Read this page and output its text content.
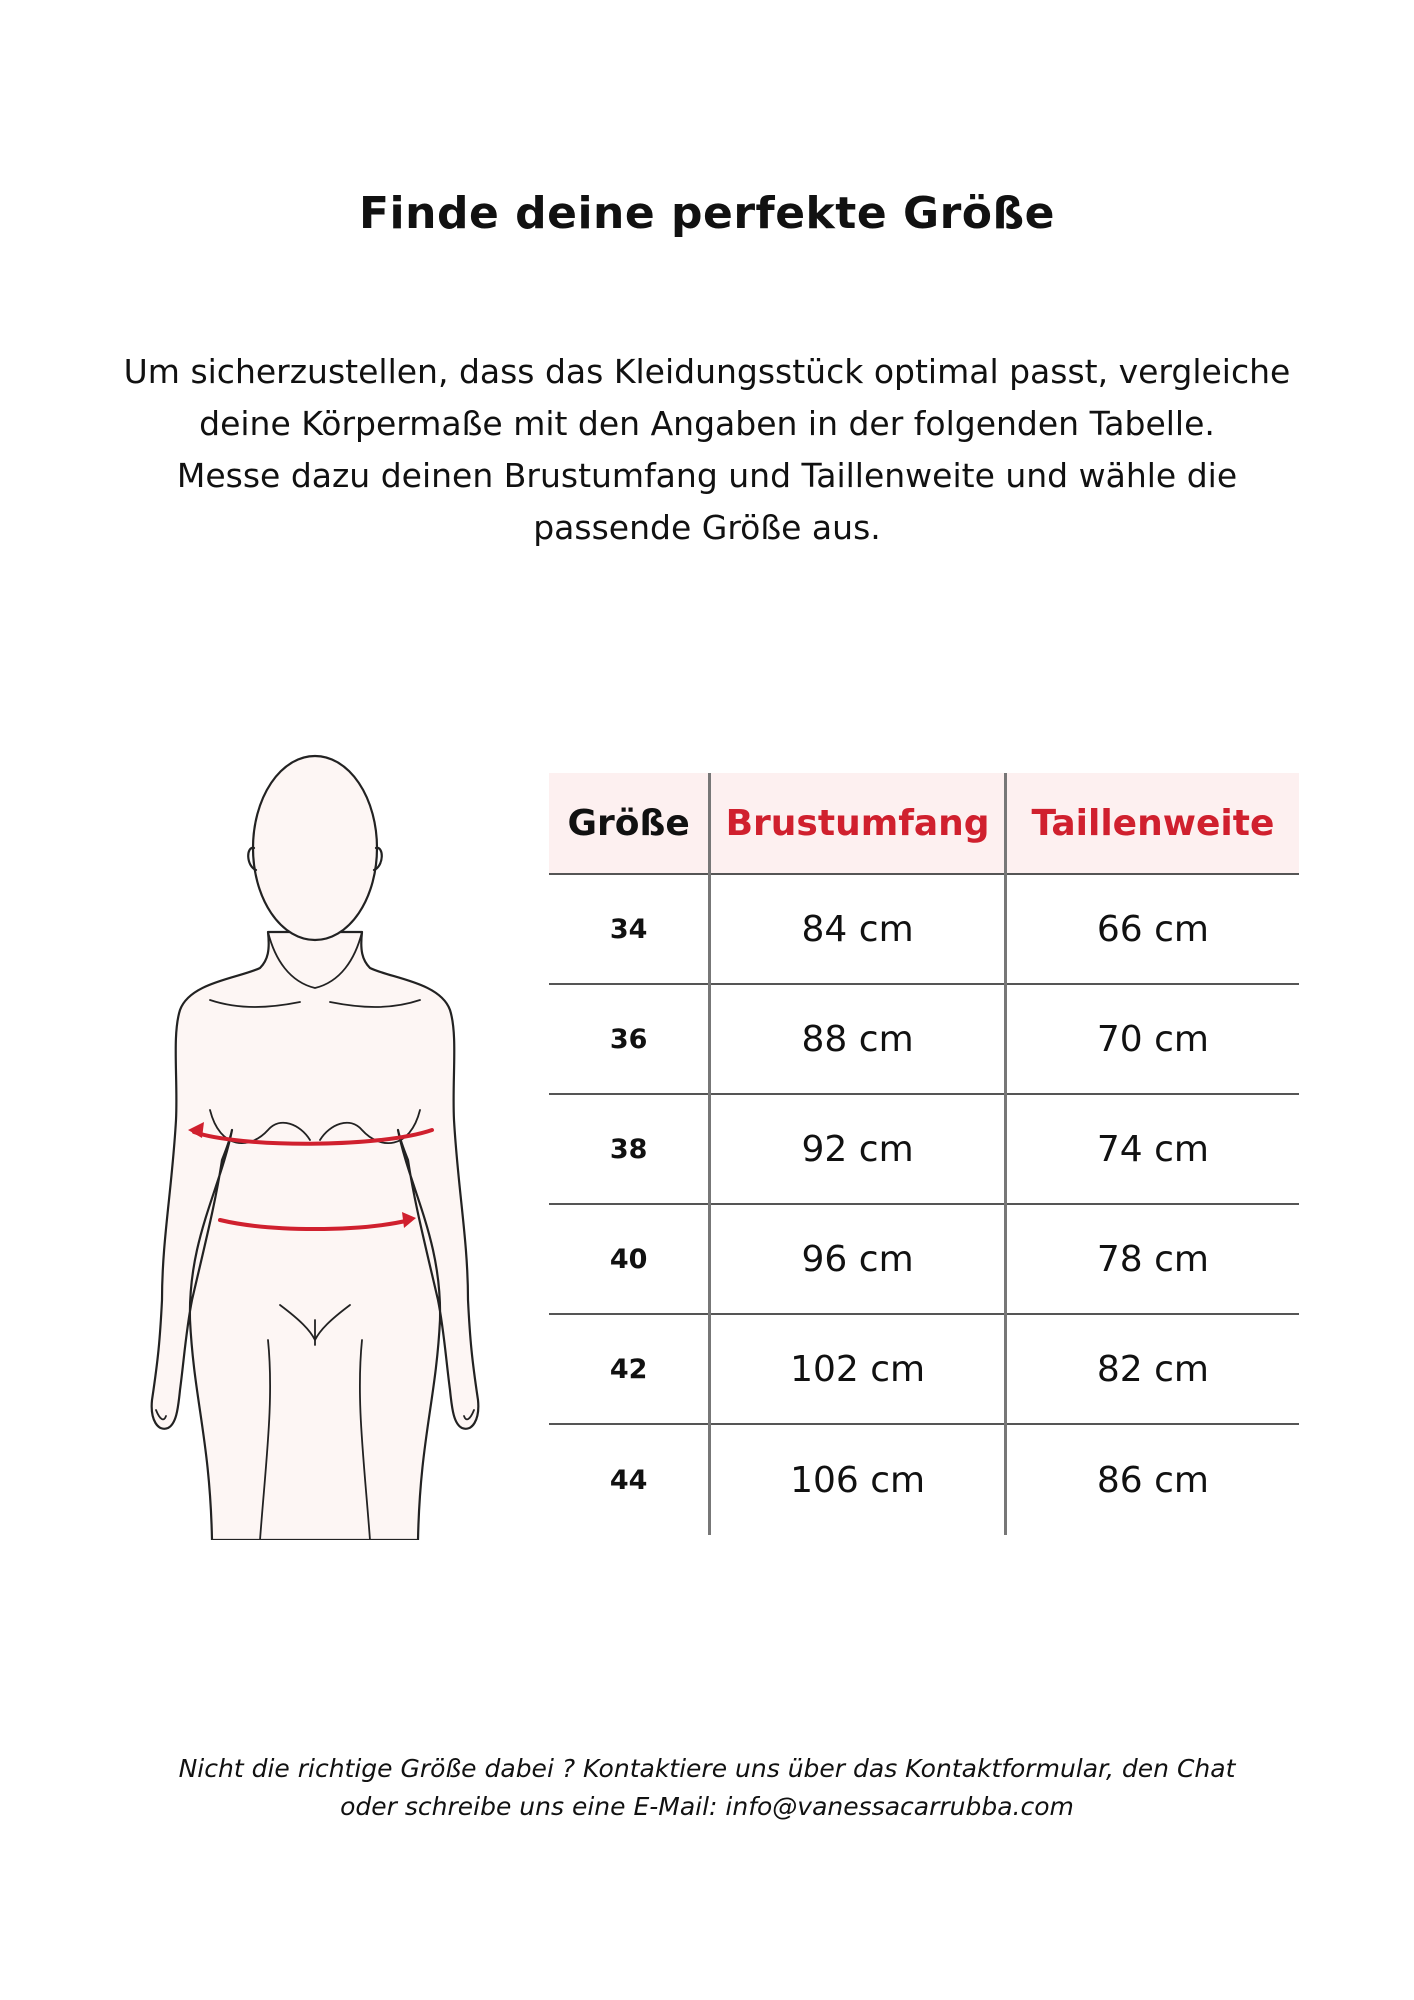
Finde deine perfekte Größe

Um sicherzustellen, dass das Kleidungsstück optimal passt, vergleiche
deine Körpermaße mit den Angaben in der folgenden Tabelle.
Messe dazu deinen Brustumfang und Taillenweite und wähle die
passende Größe aus.

Größe	Brustumfang	Taillenweite
34	84 cm	66 cm
36	88 cm	70 cm
38	92 cm	74 cm
40	96 cm	78 cm
42	102 cm	82 cm
44	106 cm	86 cm

Nicht die richtige Größe dabei ? Kontaktiere uns über das Kontaktformular, den Chat
oder schreibe uns eine E-Mail: info@vanessacarrubba.com
